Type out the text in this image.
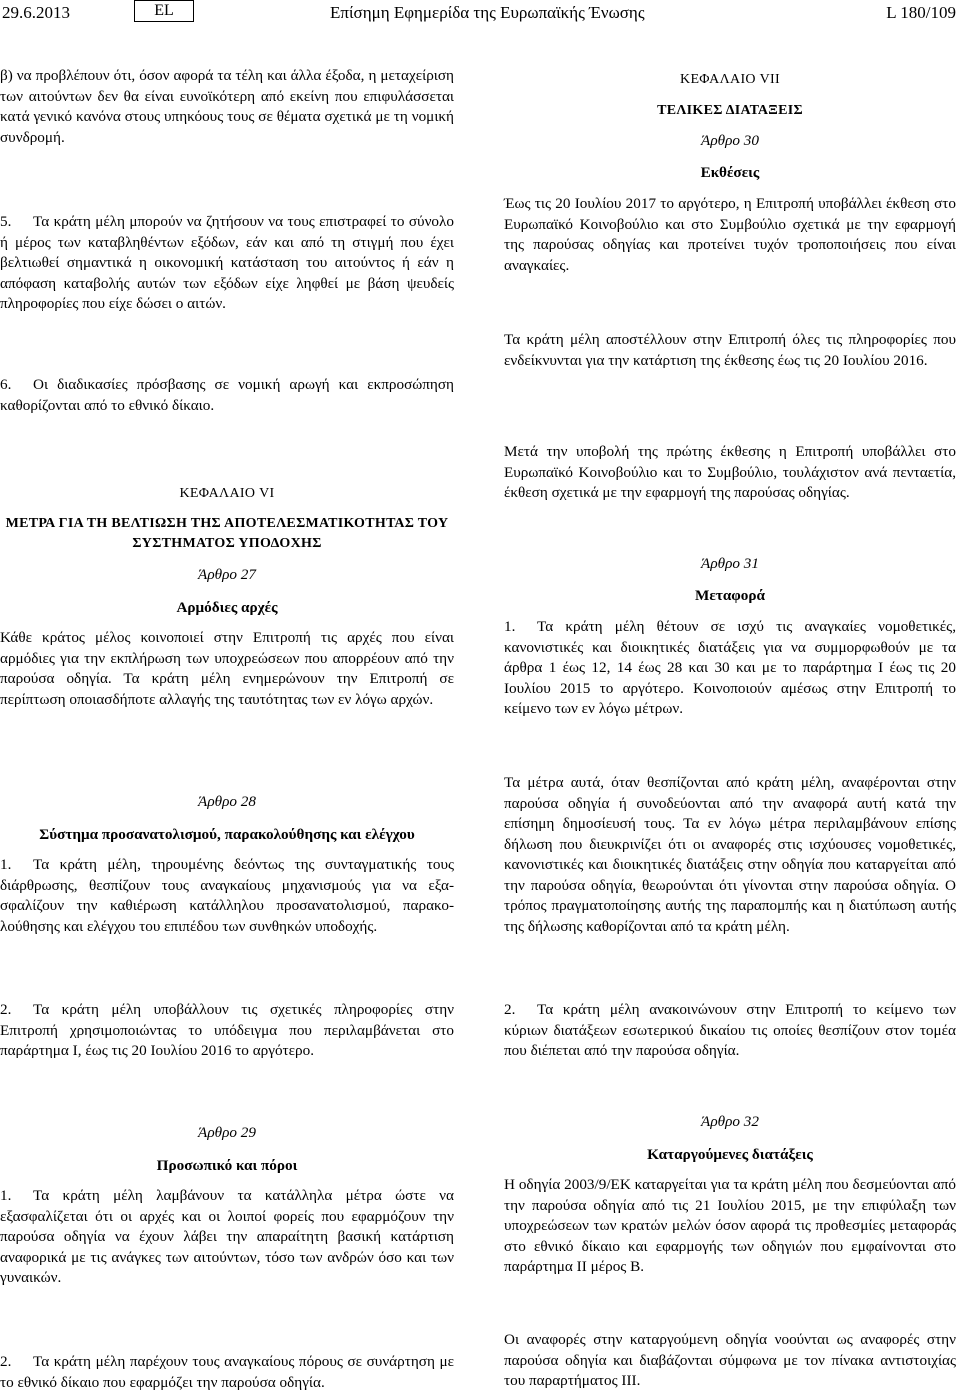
29.6.2013	EL	Επίσημη Εφημερίδα της Ευρωπαϊκής Ένωσης	L 180/109
β) να προβλέπουν ότι, όσον αφορά τα τέλη και άλλα έξοδα, η μεταχείριση των αιτούντων δεν θα είναι ευνοϊκότερη από εκείνη που επιφυλάσσεται κατά γενικό κανόνα στους υπηκόους τους σε θέματα σχετικά με τη νομική συνδρομή.
5. Τα κράτη μέλη μπορούν να ζητήσουν να τους επιστραφεί το σύνολο ή μέρος των καταβληθέντων εξόδων, εάν και από τη στιγμή που έχει βελτιωθεί σημαντικά η οικονομική κατάσταση του αιτούντος ή εάν η απόφαση καταβολής αυτών των εξόδων είχε ληφθεί με βάση ψευδείς πληροφορίες που είχε δώσει ο αιτών.
6. Οι διαδικασίες πρόσβασης σε νομική αρωγή και εκπροσώπηση καθορίζονται από το εθνικό δίκαιο.
ΚΕΦΑΛΑΙΟ VI
ΜΕΤΡΑ ΓΙΑ ΤΗ ΒΕΛΤΙΩΣΗ ΤΗΣ ΑΠΟΤΕΛΕΣΜΑΤΙΚΟΤΗΤΑΣ ΤΟΥ ΣΥΣΤΗΜΑΤΟΣ ΥΠΟΔΟΧΗΣ
Άρθρο 27
Αρμόδιες αρχές
Κάθε κράτος μέλος κοινοποιεί στην Επιτροπή τις αρχές που είναι αρμόδιες για την εκπλήρωση των υποχρεώσεων που απορρέουν από την παρούσα οδηγία. Τα κράτη μέλη ενημερώνουν την Επιτροπή σε περίπτωση οποιασδήποτε αλλαγής της ταυτότητας των εν λόγω αρχών.
Άρθρο 28
Σύστημα προσανατολισμού, παρακολούθησης και ελέγχου
1. Τα κράτη μέλη, τηρουμένης δεόντως της συνταγματικής τους διάρθρωσης, θεσπίζουν τους αναγκαίους μηχανισμούς για να εξασφαλίζουν την καθιέρωση κατάλληλου προσανατολισμού, παρακολούθησης και ελέγχου του επιπέδου των συνθηκών υποδοχής.
2. Τα κράτη μέλη υποβάλλουν τις σχετικές πληροφορίες στην Επιτροπή χρησιμοποιώντας το υπόδειγμα που περιλαμβάνεται στο παράρτημα I, έως τις 20 Ιουλίου 2016 το αργότερο.
Άρθρο 29
Προσωπικό και πόροι
1. Τα κράτη μέλη λαμβάνουν τα κατάλληλα μέτρα ώστε να εξασφαλίζεται ότι οι αρχές και οι λοιποί φορείς που εφαρμόζουν την παρούσα οδηγία να έχουν λάβει την απαραίτητη βασική κατάρτιση αναφορικά με τις ανάγκες των αιτούντων, τόσο των ανδρών όσο και των γυναικών.
2. Τα κράτη μέλη παρέχουν τους αναγκαίους πόρους σε συνάρτηση με το εθνικό δίκαιο που εφαρμόζει την παρούσα οδηγία.
ΚΕΦΑΛΑΙΟ VII
ΤΕΛΙΚΕΣ ΔΙΑΤΑΞΕΙΣ
Άρθρο 30
Εκθέσεις
Έως τις 20 Ιουλίου 2017 το αργότερο, η Επιτροπή υποβάλλει έκθεση στο Ευρωπαϊκό Κοινοβούλιο και στο Συμβούλιο σχετικά με την εφαρμογή της παρούσας οδηγίας και προτείνει τυχόν τροποποιήσεις που είναι αναγκαίες.
Τα κράτη μέλη αποστέλλουν στην Επιτροπή όλες τις πληροφορίες που ενδείκνυνται για την κατάρτιση της έκθεσης έως τις 20 Ιουλίου 2016.
Μετά την υποβολή της πρώτης έκθεσης η Επιτροπή υποβάλλει στο Ευρωπαϊκό Κοινοβούλιο και το Συμβούλιο, τουλάχιστον ανά πενταετία, έκθεση σχετικά με την εφαρμογή της παρούσας οδηγίας.
Άρθρο 31
Μεταφορά
1. Τα κράτη μέλη θέτουν σε ισχύ τις αναγκαίες νομοθετικές, κανονιστικές και διοικητικές διατάξεις για να συμμορφωθούν με τα άρθρα 1 έως 12, 14 έως 28 και 30 και με το παράρτημα I έως τις 20 Ιουλίου 2015 το αργότερο. Κοινοποιούν αμέσως στην Επιτροπή το κείμενο των εν λόγω μέτρων.
Τα μέτρα αυτά, όταν θεσπίζονται από κράτη μέλη, αναφέρονται στην παρούσα οδηγία ή συνοδεύονται από την αναφορά αυτή κατά την επίσημη δημοσίευσή τους. Τα εν λόγω μέτρα περιλαμβάνουν επίσης δήλωση που διευκρινίζει ότι οι αναφορές στις ισχύουσες νομοθετικές, κανονιστικές και διοικητικές διατάξεις στην οδηγία που καταργείται από την παρούσα οδηγία, θεωρούνται ότι γίνονται στην παρούσα οδηγία. Ο τρόπος πραγματοποίησης αυτής της παραπομπής και η διατύπωση αυτής της δήλωσης καθορίζονται από τα κράτη μέλη.
2. Τα κράτη μέλη ανακοινώνουν στην Επιτροπή το κείμενο των κύριων διατάξεων εσωτερικού δικαίου τις οποίες θεσπίζουν στον τομέα που διέπεται από την παρούσα οδηγία.
Άρθρο 32
Καταργούμενες διατάξεις
Η οδηγία 2003/9/ΕΚ καταργείται για τα κράτη μέλη που δεσμεύονται από την παρούσα οδηγία από τις 21 Ιουλίου 2015, με την επιφύλαξη των υποχρεώσεων των κρατών μελών όσον αφορά τις προθεσμίες μεταφοράς στο εθνικό δίκαιο και εφαρμογής των οδηγιών που εμφαίνονται στο παράρτημα ΙΙ μέρος Β.
Οι αναφορές στην καταργούμενη οδηγία νοούνται ως αναφορές στην παρούσα οδηγία και διαβάζονται σύμφωνα με τον πίνακα αντιστοιχίας του παραρτήματος ΙΙΙ.
